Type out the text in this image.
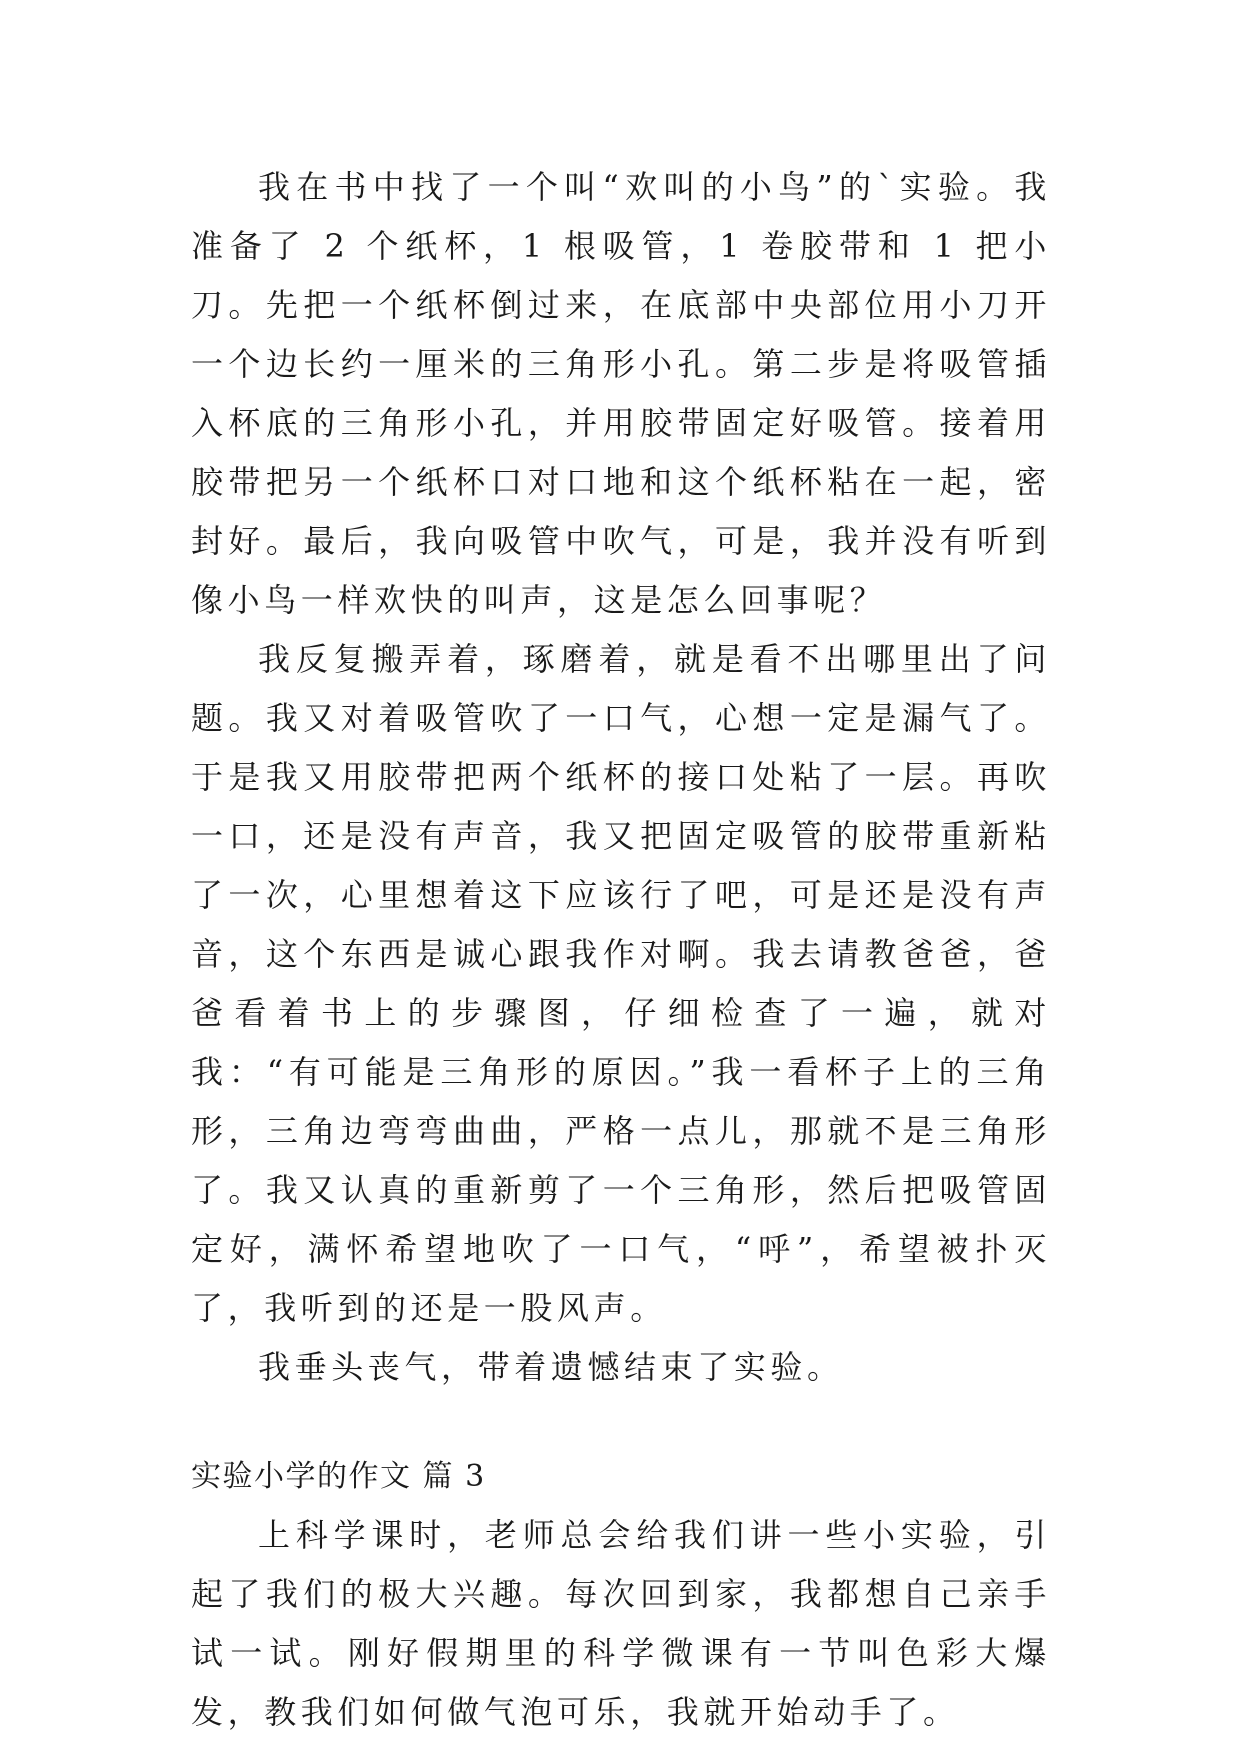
我在书中找了一个叫“欢叫的小鸟”的`实验。我准备了 2 个纸杯，1 根吸管，1 卷胶带和 1 把小刀。先把一个纸杯倒过来，在底部中央部位用小刀开一个边长约一厘米的三角形小孔。第二步是将吸管插入杯底的三角形小孔，并用胶带固定好吸管。接着用胶带把另一个纸杯口对口地和这个纸杯粘在一起，密封好。最后，我向吸管中吹气，可是，我并没有听到像小鸟一样欢快的叫声，这是怎么回事呢？

我反复搬弄着，琢磨着，就是看不出哪里出了问题。我又对着吸管吹了一口气，心想一定是漏气了。于是我又用胶带把两个纸杯的接口处粘了一层。再吹一口，还是没有声音，我又把固定吸管的胶带重新粘了一次，心里想着这下应该行了吧，可是还是没有声音，这个东西是诚心跟我作对啊。我去请教爸爸，爸爸看着书上的步骤图，仔细检查了一遍，就对我：“有可能是三角形的原因。”我一看杯子上的三角形，三角边弯弯曲曲，严格一点儿，那就不是三角形了。我又认真的重新剪了一个三角形，然后把吸管固定好，满怀希望地吹了一口气，“呼”，希望被扑灭了，我听到的还是一股风声。

我垂头丧气，带着遗憾结束了实验。

实验小学的作文 篇 3

上科学课时，老师总会给我们讲一些小实验，引起了我们的极大兴趣。每次回到家，我都想自己亲手试一试。刚好假期里的科学微课有一节叫色彩大爆发，教我们如何做气泡可乐，我就开始动手了。
